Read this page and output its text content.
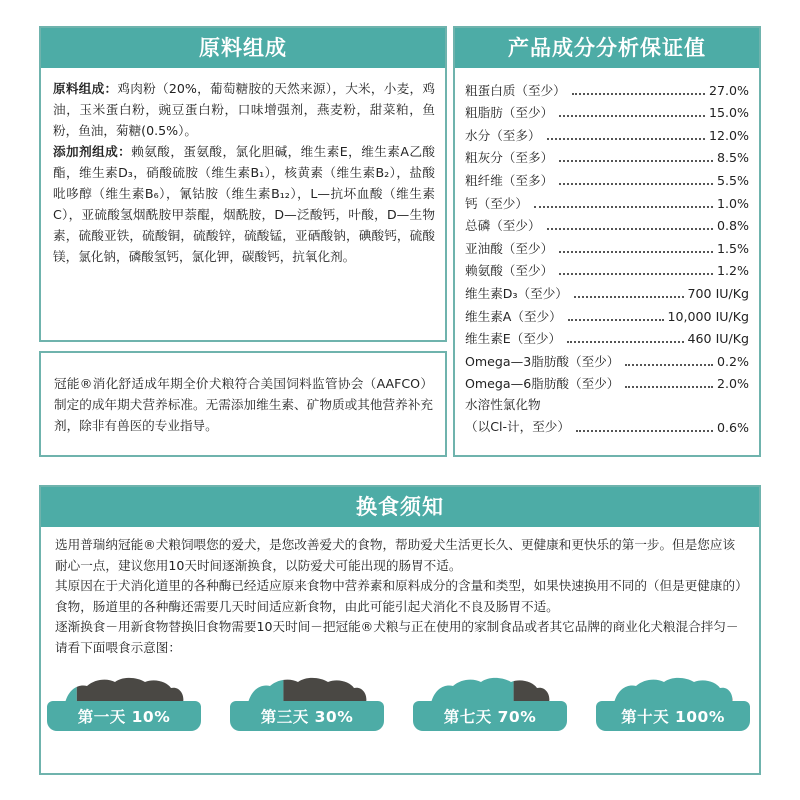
原料组成

原料组成：鸡肉粉（20%，葡萄糖胺的天然来源），大米，小麦，鸡油，玉米蛋白粉，豌豆蛋白粉，口味增强剂，燕麦粉，甜菜粕，鱼粉，鱼油，菊糖(0.5%）。

添加剂组成：赖氨酸，蛋氨酸，氯化胆碱，维生素E，维生素A乙酸酯，维生素D₃，硝酸硫胺（维生素B₁），核黄素（维生素B₂），盐酸吡哆醇（维生素B₆），氰钴胺（维生素B₁₂），L—抗坏血酸（维生素C），亚硫酸氢烟酰胺甲萘醌，烟酰胺，D—泛酸钙，叶酸，D—生物素，硫酸亚铁，硫酸铜，硫酸锌，硫酸锰，亚硒酸钠，碘酸钙，硫酸镁，氯化钠，磷酸氢钙，氯化钾，碳酸钙，抗氧化剂。

冠能®消化舒适成年期全价犬粮符合美国饲料监管协会（AAFCO）制定的成年期犬营养标准。无需添加维生素、矿物质或其他营养补充剂，除非有兽医的专业指导。
产品成分分析保证值
粗蛋白质（至少）	27.0%
粗脂肪（至少）	15.0%
水分（至多）	12.0%
粗灰分（至多）	8.5%
粗纤维（至多）	5.5%
钙（至少）	1.0%
总磷（至少）	0.8%
亚油酸（至少）	1.5%
赖氨酸（至少）	1.2%
维生素D₃（至少）	700 IU/Kg
维生素A（至少）	10,000 IU/Kg
维生素E（至少）	460 IU/Kg
Omega—3脂肪酸（至少）	0.2%
Omega—6脂肪酸（至少）	2.0%
水溶性氯化物
（以Cl-计，至少）	0.6%
换食须知

选用普瑞纳冠能®犬粮饲喂您的爱犬，是您改善爱犬的食物，帮助爱犬生活更长久、更健康和更快乐的第一步。但是您应该耐心一点，建议您用10天时间逐渐换食，以防爱犬可能出现的肠胃不适。

其原因在于犬消化道里的各种酶已经适应原来食物中营养素和原料成分的含量和类型，如果快速换用不同的（但是更健康的）食物，肠道里的各种酶还需要几天时间适应新食物，由此可能引起犬消化不良及肠胃不适。

逐渐换食－用新食物替换旧食物需要10天时间－把冠能®犬粮与正在使用的家制食品或者其它品牌的商业化犬粮混合拌匀－请看下面喂食示意图：

第一天 10%	第三天 30%	第七天 70%	第十天 100%
